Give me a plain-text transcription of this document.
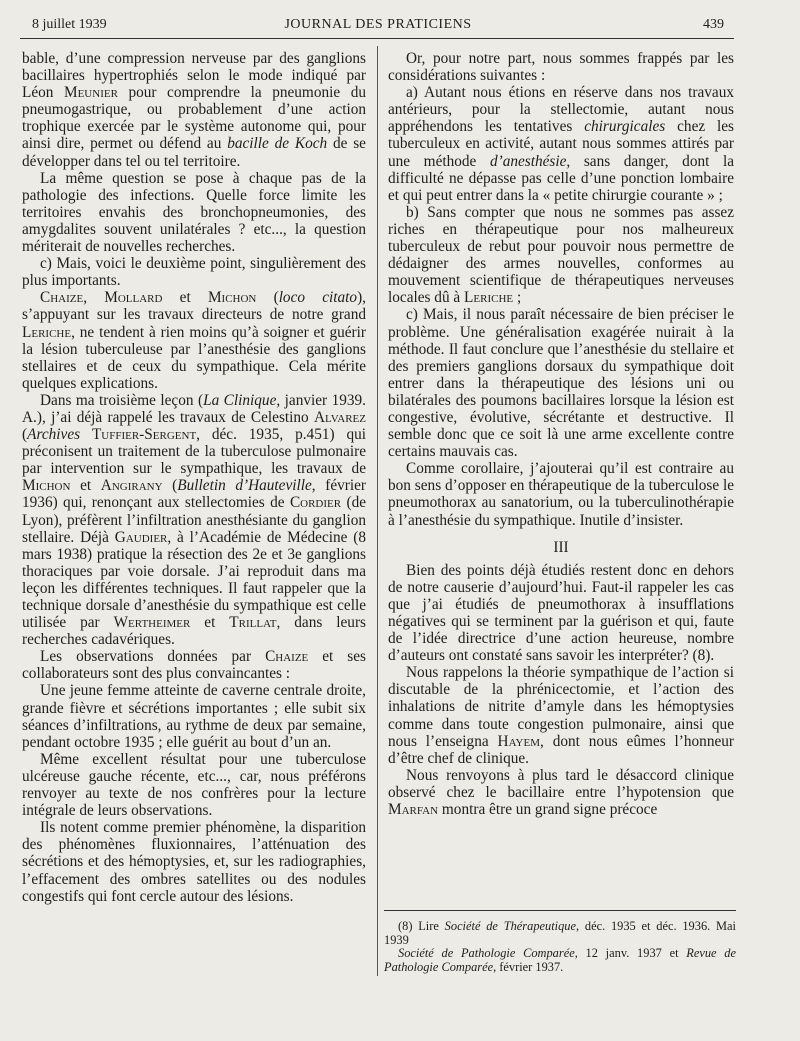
8 juillet 1939	JOURNAL DES PRATICIENS	439

bable, d’une compression nerveuse par des ganglions bacillaires hypertrophiés selon le mode indiqué par Léon Meunier pour comprendre la pneumonie du pneumogastrique, ou probablement d’une action trophique exercée par le système autonome qui, pour ainsi dire, permet ou défend au bacille de Koch de se développer dans tel ou tel territoire.

La même question se pose à chaque pas de la pathologie des infections. Quelle force limite les territoires envahis des bronchopneumonies, des amygdalites souvent unilatérales ? etc..., la question mériterait de nouvelles recherches.

c) Mais, voici le deuxième point, singulièrement des plus importants.

Chaize, Mollard et Michon (loco citato), s’appuyant sur les travaux directeurs de notre grand Leriche, ne tendent à rien moins qu’à soigner et guérir la lésion tuberculeuse par l’anesthésie des ganglions stellaires et de ceux du sympathique. Cela mérite quelques explications.

Dans ma troisième leçon (La Clinique, janvier 1939. A.), j’ai déjà rappelé les travaux de Celestino Alvarez (Archives Tuffier-Sergent, déc. 1935, p.451) qui préconisent un traitement de la tuberculose pulmonaire par intervention sur le sympathique, les travaux de Michon et Angirany (Bulletin d’Hauteville, février 1936) qui, renonçant aux stellectomies de Cordier (de Lyon), préfèrent l’infiltration anesthésiante du ganglion stellaire. Déjà Gaudier, à l’Académie de Médecine (8 mars 1938) pratique la résection des 2e et 3e ganglions thoraciques par voie dorsale. J’ai reproduit dans ma leçon les différentes techniques. Il faut rappeler que la technique dorsale d’anesthésie du sympathique est celle utilisée par Wertheimer et Trillat, dans leurs recherches cadavériques.

Les observations données par Chaize et ses collaborateurs sont des plus convaincantes :

Une jeune femme atteinte de caverne centrale droite, grande fièvre et sécrétions importantes ; elle subit six séances d’infiltrations, au rythme de deux par semaine, pendant octobre 1935 ; elle guérit au bout d’un an.

Même excellent résultat pour une tuberculose ulcéreuse gauche récente, etc..., car, nous préférons renvoyer au texte de nos confrères pour la lecture intégrale de leurs observations.

Ils notent comme premier phénomène, la disparition des phénomènes fluxionnaires, l’atténuation des sécrétions et des hémoptysies, et, sur les radiographies, l’effacement des ombres satellites ou des nodules congestifs qui font cercle autour des lésions.

Or, pour notre part, nous sommes frappés par les considérations suivantes :

a) Autant nous étions en réserve dans nos travaux antérieurs, pour la stellectomie, autant nous appréhendons les tentatives chirurgicales chez les tuberculeux en activité, autant nous sommes attirés par une méthode d’anesthésie, sans danger, dont la difficulté ne dépasse pas celle d’une ponction lombaire et qui peut entrer dans la « petite chirurgie courante » ;

b) Sans compter que nous ne sommes pas assez riches en thérapeutique pour nos malheureux tuberculeux de rebut pour pouvoir nous permettre de dédaigner des armes nouvelles, conformes au mouvement scientifique de thérapeutiques nerveuses locales dû à Leriche ;

c) Mais, il nous paraît nécessaire de bien préciser le problème. Une généralisation exagérée nuirait à la méthode. Il faut conclure que l’anesthésie du stellaire et des premiers ganglions dorsaux du sympathique doit entrer dans la thérapeutique des lésions uni ou bilatérales des poumons bacillaires lorsque la lésion est congestive, évolutive, sécrétante et destructive. Il semble donc que ce soit là une arme excellente contre certains mauvais cas.

Comme corollaire, j’ajouterai qu’il est contraire au bon sens d’opposer en thérapeutique de la tuberculose le pneumothorax au sanatorium, ou la tuberculinothérapie à l’anesthésie du sympathique. Inutile d’insister.

III

Bien des points déjà étudiés restent donc en dehors de notre causerie d’aujourd’hui. Faut-il rappeler les cas que j’ai étudiés de pneumothorax à insufflations négatives qui se terminent par la guérison et qui, faute de l’idée directrice d’une action heureuse, nombre d’auteurs ont constaté sans savoir les interpréter? (8).

Nous rappelons la théorie sympathique de l’action si discutable de la phrénicectomie, et l’action des inhalations de nitrite d’amyle dans les hémoptysies comme dans toute congestion pulmonaire, ainsi que nous l’enseigna Hayem, dont nous eûmes l’honneur d’être chef de clinique.

Nous renvoyons à plus tard le désaccord clinique observé chez le bacillaire entre l’hypotension que Marfan montra être un grand signe précoce

(8) Lire Société de Thérapeutique, déc. 1935 et déc. 1936. Mai 1939

Société de Pathologie Comparée, 12 janv. 1937 et Revue de Pathologie Comparée, février 1937.
